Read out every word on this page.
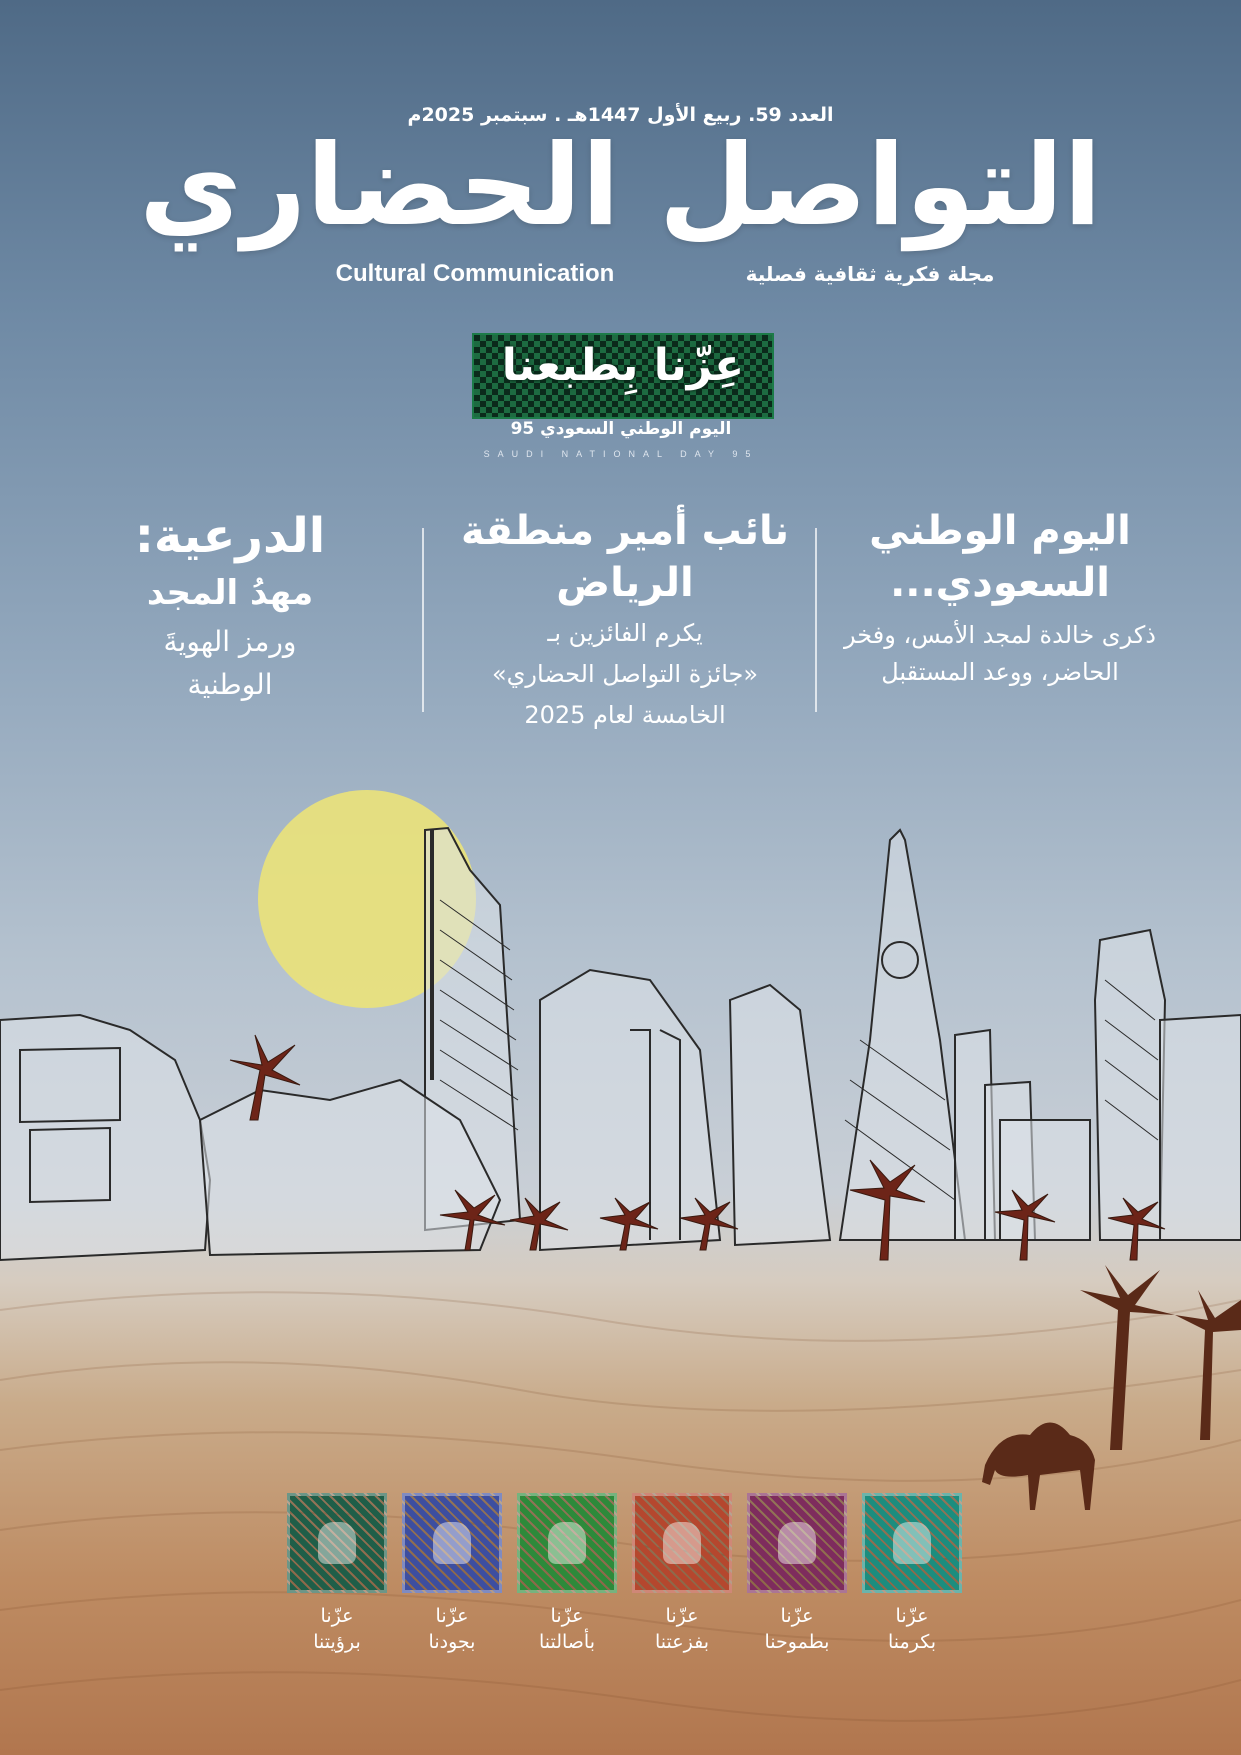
العدد 59. ربيع الأول 1447هـ . سبتمبر 2025م
التواصل الحضاري
Cultural Communication	مجلة فكرية ثقافية فصلية
عِزّنا بِطبعنا
اليوم الوطني السعودي 95
SAUDI NATIONAL DAY 95
اليوم الوطني السعودي...

ذكرى خالدة لمجد الأمس، وفخر الحاضر، ووعد المستقبل

نائب أمير منطقة الرياض

يكرم الفائزين بـ

«جائزة التواصل الحضاري»

الخامسة لعام 2025

الدرعية:

مهدُ المجد

ورمز الهويةَ

الوطنية

عزّنا
بكرمنا
عزّنا
بطموحنا
عزّنا
بفزعتنا
عزّنا
بأصالتنا
عزّنا
بجودنا
عزّنا
برؤيتنا
